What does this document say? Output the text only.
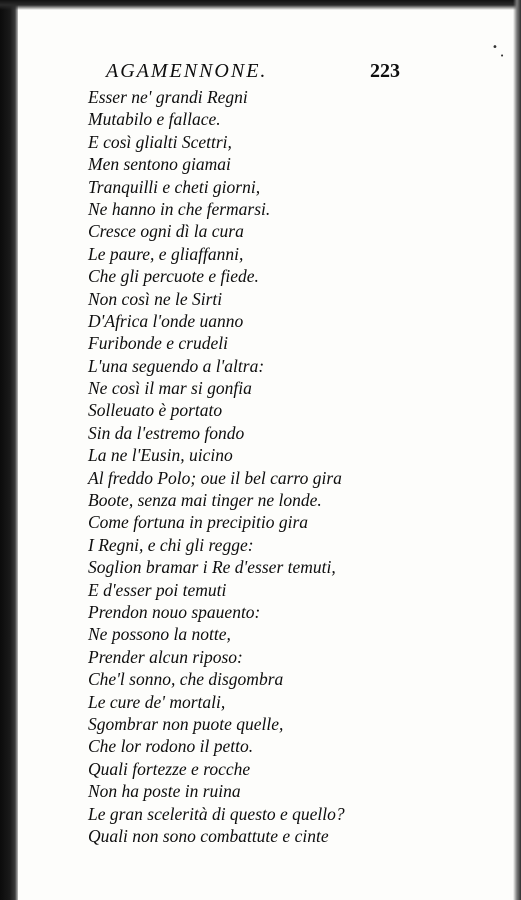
•
•
AGAMENNONE.	223
Esser ne' grandi Regni
Mutabilo e fallace.
E così glialti Scettri,
Men sentono giamai
Tranquilli e cheti giorni,
Ne hanno in che fermarsi.
Cresce ogni dì la cura
Le paure, e gliaffanni,
Che gli percuote e fiede.
Non così ne le Sirti
D'Africa l'onde uanno
Furibonde e crudeli
L'una seguendo a l'altra:
Ne così il mar si gonfia
Solleuato è portato
Sin da l'estremo fondo
La ne l'Eusin, uicino
Al freddo Polo; oue il bel carro gira
Boote, senza mai tinger ne londe.
Come fortuna in precipitio gira
I Regni, e chi gli regge:
Soglion bramar i Re d'esser temuti,
E d'esser poi temuti
Prendon nouo spauento:
Ne possono la notte,
Prender alcun riposo:
Che'l sonno, che disgombra
Le cure de' mortali,
Sgombrar non puote quelle,
Che lor rodono il petto.
Quali fortezze e rocche
Non ha poste in ruina
Le gran scelerità di questo e quello?
Quali non sono combattute e cinte
